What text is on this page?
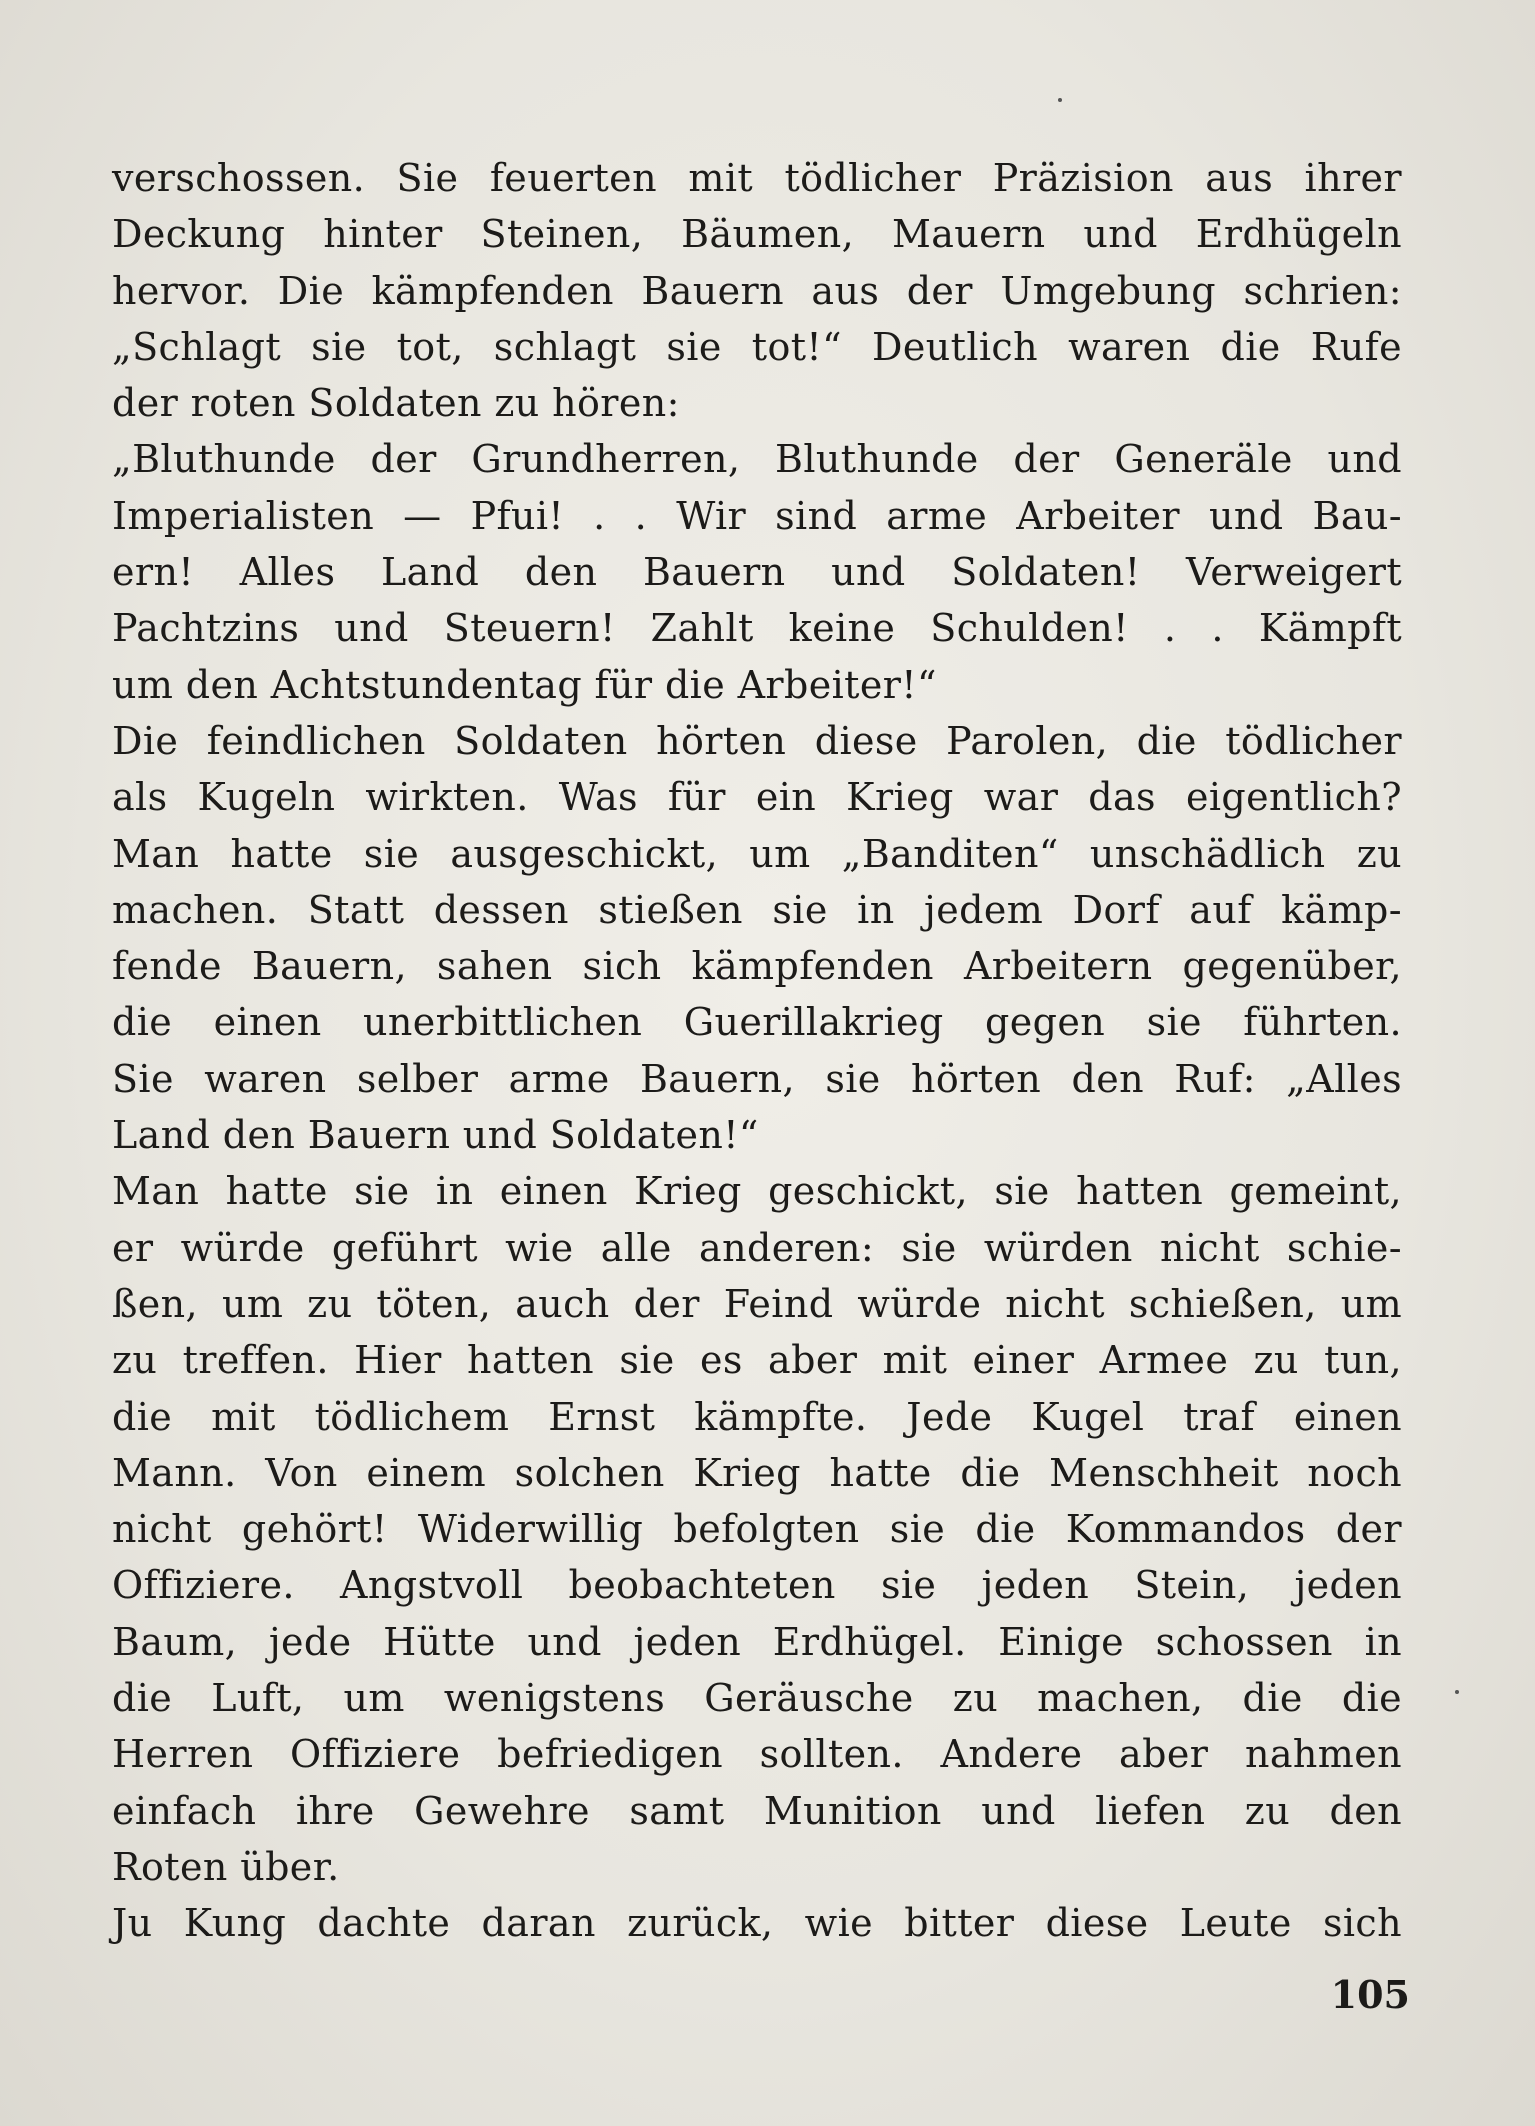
verschossen. Sie feuerten mit tödlicher Präzision aus ihrer
Deckung hinter Steinen, Bäumen, Mauern und Erdhügeln
hervor. Die kämpfenden Bauern aus der Umgebung schrien:
„Schlagt sie tot, schlagt sie tot!“ Deutlich waren die Rufe
der roten Soldaten zu hören:
„Bluthunde der Grundherren, Bluthunde der Generäle und
Imperialisten — Pfui! . . Wir sind arme Arbeiter und Bau-
ern! Alles Land den Bauern und Soldaten! Verweigert
Pachtzins und Steuern! Zahlt keine Schulden! . . Kämpft
um den Achtstundentag für die Arbeiter!“
Die feindlichen Soldaten hörten diese Parolen, die tödlicher
als Kugeln wirkten. Was für ein Krieg war das eigentlich?
Man hatte sie ausgeschickt, um „Banditen“ unschädlich zu
machen. Statt dessen stießen sie in jedem Dorf auf kämp-
fende Bauern, sahen sich kämpfenden Arbeitern gegenüber,
die einen unerbittlichen Guerillakrieg gegen sie führten.
Sie waren selber arme Bauern, sie hörten den Ruf: „Alles
Land den Bauern und Soldaten!“
Man hatte sie in einen Krieg geschickt, sie hatten gemeint,
er würde geführt wie alle anderen: sie würden nicht schie-
ßen, um zu töten, auch der Feind würde nicht schießen, um
zu treffen. Hier hatten sie es aber mit einer Armee zu tun,
die mit tödlichem Ernst kämpfte. Jede Kugel traf einen
Mann. Von einem solchen Krieg hatte die Menschheit noch
nicht gehört! Widerwillig befolgten sie die Kommandos der
Offiziere. Angstvoll beobachteten sie jeden Stein, jeden
Baum, jede Hütte und jeden Erdhügel. Einige schossen in
die Luft, um wenigstens Geräusche zu machen, die die
Herren Offiziere befriedigen sollten. Andere aber nahmen
einfach ihre Gewehre samt Munition und liefen zu den
Roten über.
Ju Kung dachte daran zurück, wie bitter diese Leute sich
105
